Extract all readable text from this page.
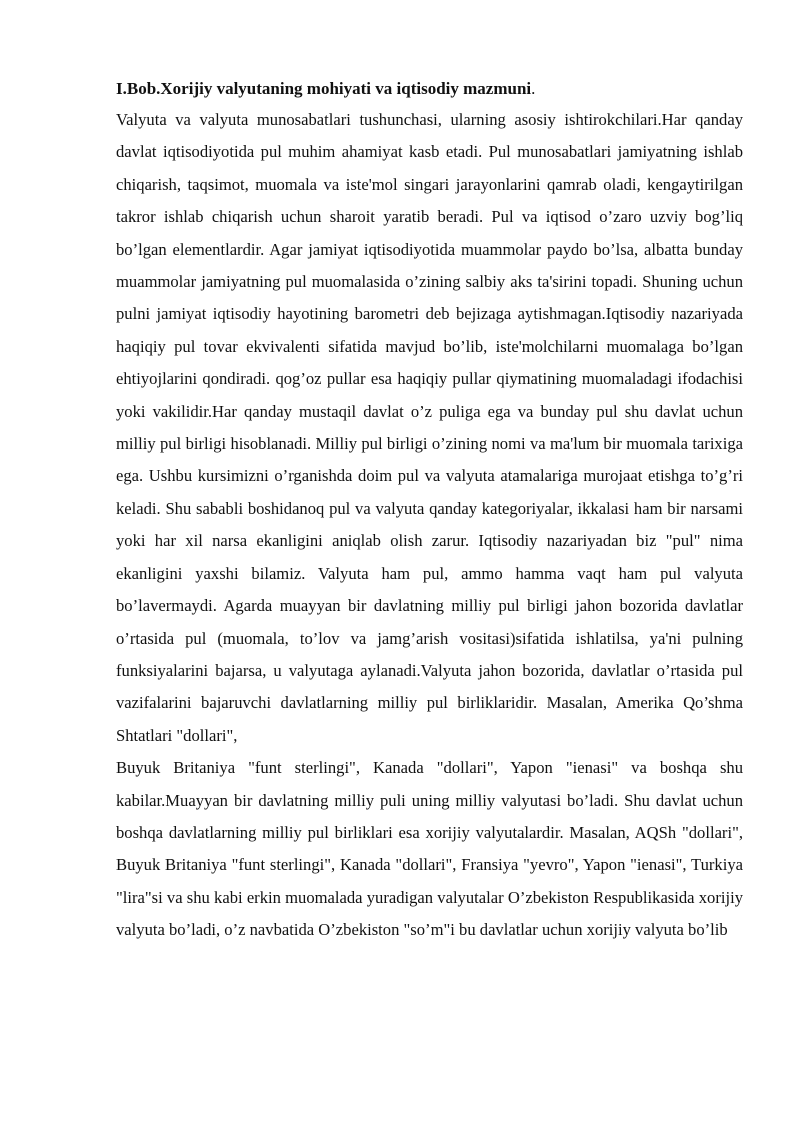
I.Bob.Xorijiy valyutaning mohiyati va iqtisodiy mazmuni.

Valyuta va valyuta munosabatlari tushunchasi, ularning asosiy ishtirokchilari.Har qanday davlat iqtisodiyotida pul muhim ahamiyat kasb etadi. Pul munosabatlari jamiyatning ishlab chiqarish, taqsimot, muomala va iste'mol singari jarayonlarini qamrab oladi, kengaytirilgan takror ishlab chiqarish uchun sharoit yaratib beradi. Pul va iqtisod o’zaro uzviy bog’liq bo’lgan elementlardir. Agar jamiyat iqtisodiyotida muammolar paydo bo’lsa, albatta bunday muammolar jamiyatning pul muomalasida o’zining salbiy aks ta'sirini topadi. Shuning uchun pulni jamiyat iqtisodiy hayotining barometri deb bejizaga aytishmagan.Iqtisodiy nazariyada haqiqiy pul tovar ekvivalenti sifatida mavjud bo’lib, iste'molchilarni muomalaga bo’lgan ehtiyojlarini qondiradi. qog’oz pullar esa haqiqiy pullar qiymatining muomaladagi ifodachisi yoki vakilidir.Har qanday mustaqil davlat o’z puliga ega va bunday pul shu davlat uchun milliy pul birligi hisoblanadi. Milliy pul birligi o’zining nomi va ma'lum bir muomala tarixiga ega. Ushbu kursimizni o’rganishda doim pul va valyuta atamalariga murojaat etishga to’g’ri keladi. Shu sababli boshidanoq pul va valyuta qanday kategoriyalar, ikkalasi ham bir narsami yoki har xil narsa ekanligini aniqlab olish zarur. Iqtisodiy nazariyadan biz "pul" nima ekanligini yaxshi bilamiz. Valyuta ham pul, ammo hamma vaqt ham pul valyuta bo’lavermaydi. Agarda muayyan bir davlatning milliy pul birligi jahon bozorida davlatlar o’rtasida pul (muomala, to’lov va jamg’arish vositasi)sifatida ishlatilsa, ya'ni pulning funksiyalarini bajarsa, u valyutaga aylanadi.Valyuta jahon bozorida, davlatlar o’rtasida pul vazifalarini bajaruvchi davlatlarning milliy pul birliklaridir. Masalan, Amerika Qo’shma Shtatlari "dollari",

Buyuk Britaniya "funt sterlingi", Kanada "dollari", Yapon "ienasi" va boshqa shu kabilar.Muayyan bir davlatning milliy puli uning milliy valyutasi bo’ladi. Shu davlat uchun boshqa davlatlarning milliy pul birliklari esa xorijiy valyutalardir. Masalan, AQSh "dollari", Buyuk Britaniya "funt sterlingi", Kanada "dollari", Fransiya "yevro", Yapon "ienasi", Turkiya "lira"si va shu kabi erkin muomalada yuradigan valyutalar O’zbekiston Respublikasida xorijiy valyuta bo’ladi, o’z navbatida O’zbekiston "so’m"i bu davlatlar uchun xorijiy valyuta bo’lib
